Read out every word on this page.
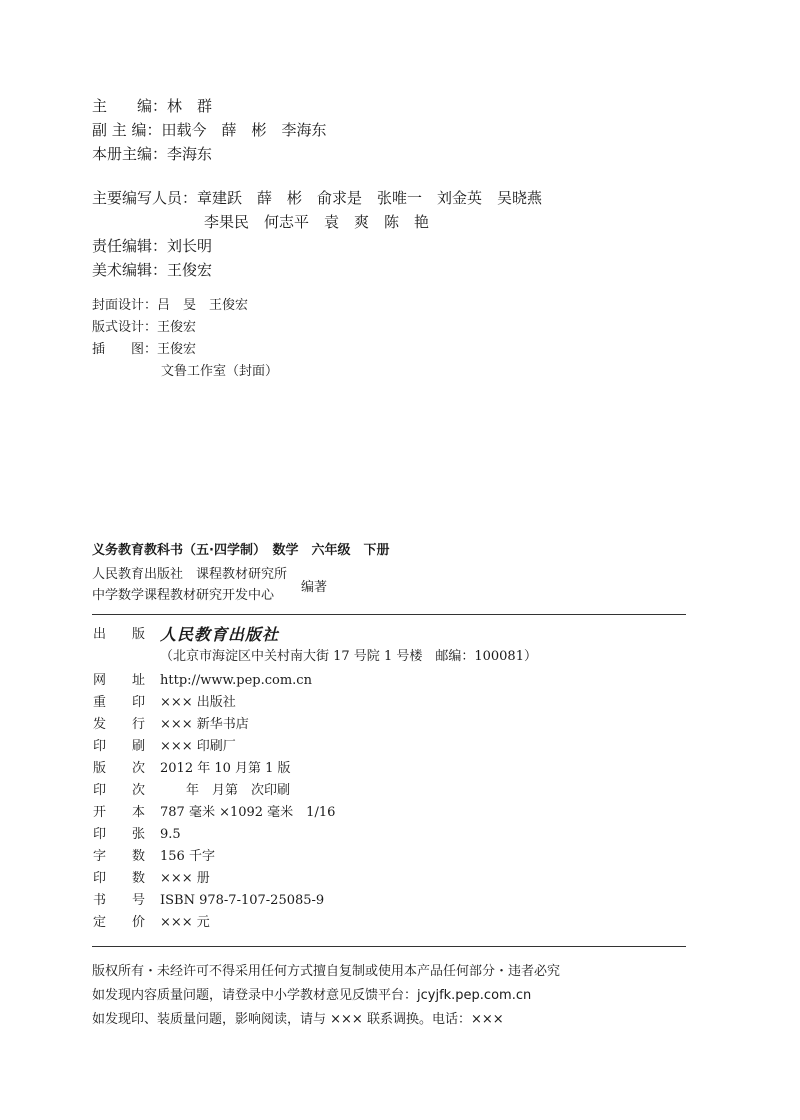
主　　编：林　群
副 主 编：田载今　薛　彬　李海东
本册主编：李海东
主要编写人员：章建跃　薛　彬　俞求是　张唯一　刘金英　吴晓燕
李果民　何志平　袁　爽　陈　艳
责任编辑：刘长明
美术编辑：王俊宏
封面设计：吕　旻　王俊宏
版式设计：王俊宏
插　　图：王俊宏
文鲁工作室（封面）
义务教育教科书（五·四学制）　数学　六年级　下册
人民教育出版社　课程教材研究所
中学数学课程教材研究开发中心
编著
出 版 人民教育出版社
（北京市海淀区中关村南大街 17 号院 1 号楼　邮编：100081）
网 址	http://www.pep.com.cn
重 印	××× 出版社
发 行	××× 新华书店
印 刷	××× 印刷厂
版 次	2012 年 10 月第 1 版
印 次	　　年　月第　次印刷
开 本	787 毫米 ×1092 毫米　1/16
印 张	9.5
字 数	156 千字
印 数	××× 册
书 号	ISBN 978-7-107-25085-9
定 价	××× 元
版权所有・未经许可不得采用任何方式擅自复制或使用本产品任何部分・违者必究
如发现内容质量问题，请登录中小学教材意见反馈平台：jcyjfk.pep.com.cn
如发现印、装质量问题，影响阅读，请与 ××× 联系调换。电话：×××
